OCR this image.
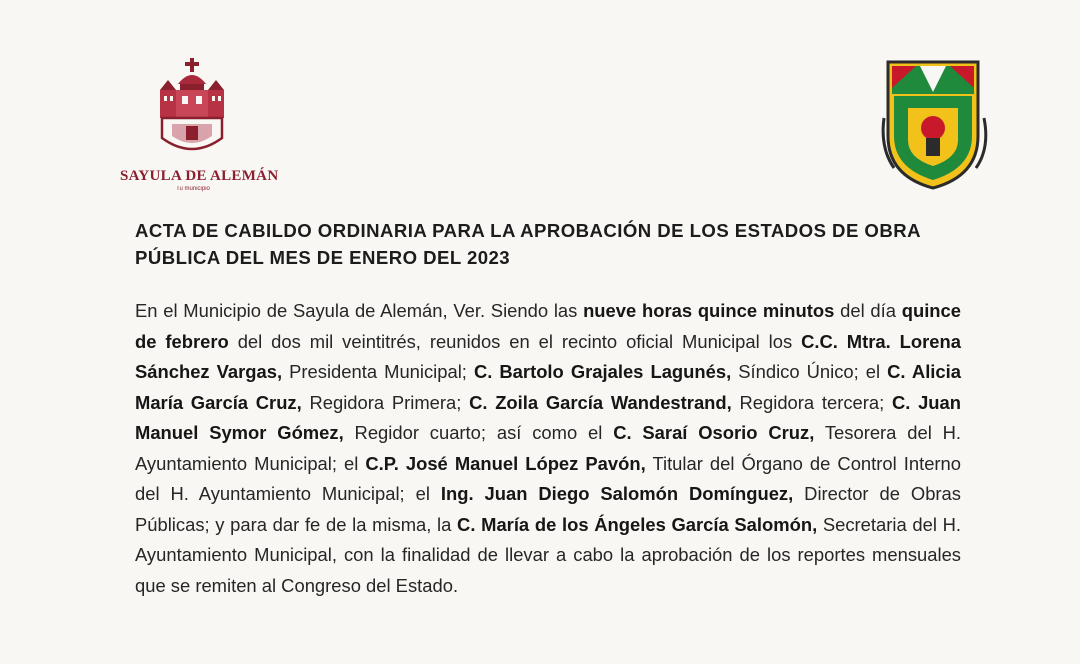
SAYULA DE ALEMÁN
Tu municipio
ACTA DE CABILDO ORDINARIA PARA LA APROBACIÓN DE LOS ESTADOS DE OBRA PÚBLICA DEL MES DE ENERO DEL 2023

En el Municipio de Sayula de Alemán, Ver. Siendo las nueve horas quince minutos del día quince de febrero del dos mil veintitrés, reunidos en el recinto oficial Municipal los C.C. Mtra. Lorena Sánchez Vargas, Presidenta Municipal; C. Bartolo Grajales Lagunés, Síndico Único; el C. Alicia María García Cruz, Regidora Primera; C. Zoila García Wandestrand, Regidora tercera; C. Juan Manuel Symor Gómez, Regidor cuarto; así como el C. Saraí Osorio Cruz, Tesorera del H. Ayuntamiento Municipal; el C.P. José Manuel López Pavón, Titular del Órgano de Control Interno del H. Ayuntamiento Municipal; el Ing. Juan Diego Salomón Domínguez, Director de Obras Públicas; y para dar fe de la misma, la C. María de los Ángeles García Salomón, Secretaria del H. Ayuntamiento Municipal, con la finalidad de llevar a cabo la aprobación de los reportes mensuales que se remiten al Congreso del Estado.
